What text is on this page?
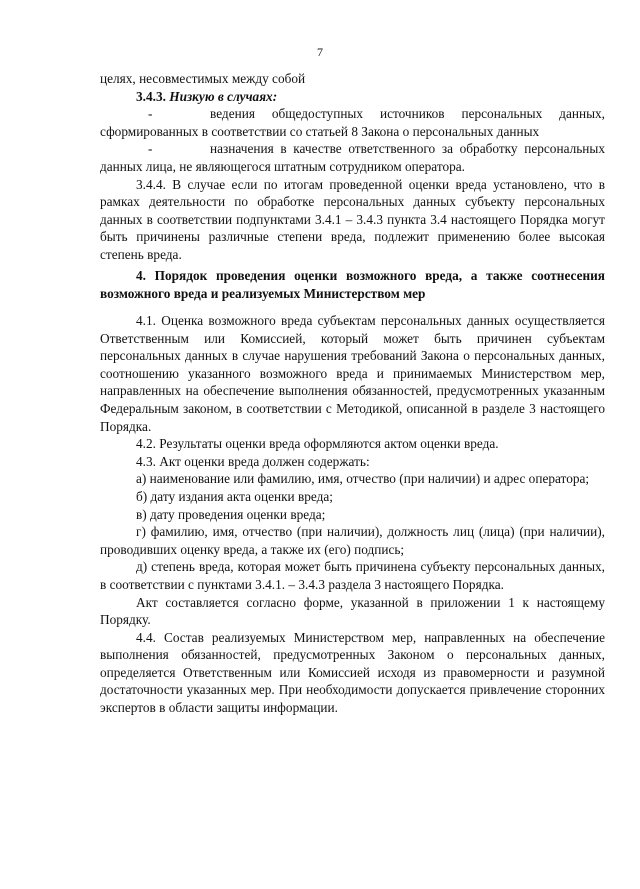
7

целях, несовместимых между собой

3.4.3. Низкую в случаях:

-	ведения общедоступных источников персональных данных, сформированных в соответствии со статьей 8 Закона о персональных данных

-	назначения в качестве ответственного за обработку персональных данных лица, не являющегося штатным сотрудником оператора.

3.4.4. В случае если по итогам проведенной оценки вреда установлено, что в рамках деятельности по обработке персональных данных субъекту персональных данных в соответствии подпунктами 3.4.1 – 3.4.3 пункта 3.4 настоящего Порядка могут быть причинены различные степени вреда, подлежит применению более высокая степень вреда.

4. Порядок проведения оценки возможного вреда, а также соотнесения возможного вреда и реализуемых Министерством мер

4.1. Оценка возможного вреда субъектам персональных данных осуществляется Ответственным или Комиссией, который может быть причинен субъектам персональных данных в случае нарушения требований Закона о персональных данных, соотношению указанного возможного вреда и принимаемых Министерством мер, направленных на обеспечение выполнения обязанностей, предусмотренных указанным Федеральным законом, в соответствии с Методикой, описанной в разделе 3 настоящего Порядка.

4.2. Результаты оценки вреда оформляются актом оценки вреда.

4.3. Акт оценки вреда должен содержать:

а) наименование или фамилию, имя, отчество (при наличии) и адрес оператора;

б) дату издания акта оценки вреда;

в) дату проведения оценки вреда;

г) фамилию, имя, отчество (при наличии), должность лиц (лица) (при наличии), проводивших оценку вреда, а также их (его) подпись;

д) степень вреда, которая может быть причинена субъекту персональных данных, в соответствии с пунктами 3.4.1. – 3.4.3 раздела 3 настоящего Порядка.

Акт составляется согласно форме, указанной в приложении 1 к настоящему Порядку.

4.4. Состав реализуемых Министерством мер, направленных на обеспечение выполнения обязанностей, предусмотренных Законом о персональных данных, определяется Ответственным или Комиссией исходя из правомерности и разумной достаточности указанных мер. При необходимости допускается привлечение сторонних экспертов в области защиты информации.
